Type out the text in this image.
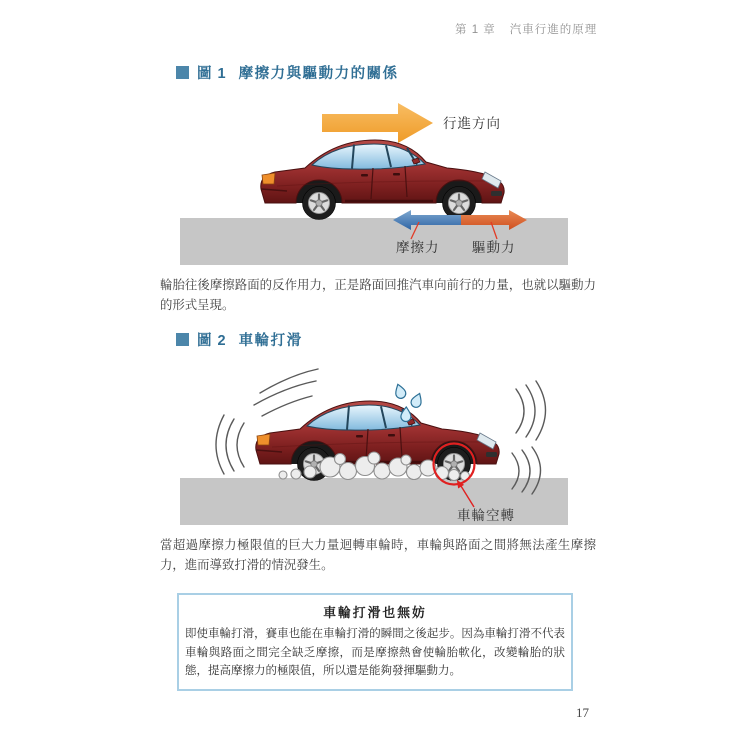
第 1 章 汽車行進的原理
圖 1 摩擦力與驅動力的關係
行進方向
摩擦力 驅動力
輪胎往後摩擦路面的反作用力，正是路面回推汽車向前行的力量，也就以驅動力的形式呈現。
圖 2 車輪打滑
車輪空轉
當超過摩擦力極限值的巨大力量迴轉車輪時，車輪與路面之間將無法產生摩擦力，進而導致打滑的情況發生。
車輪打滑也無妨
即使車輪打滑，賽車也能在車輪打滑的瞬間之後起步。因為車輪打滑不代表車輪與路面之間完全缺乏摩擦，而是摩擦熱會使輪胎軟化，改變輪胎的狀態，提高摩擦力的極限值，所以還是能夠發揮驅動力。
17
